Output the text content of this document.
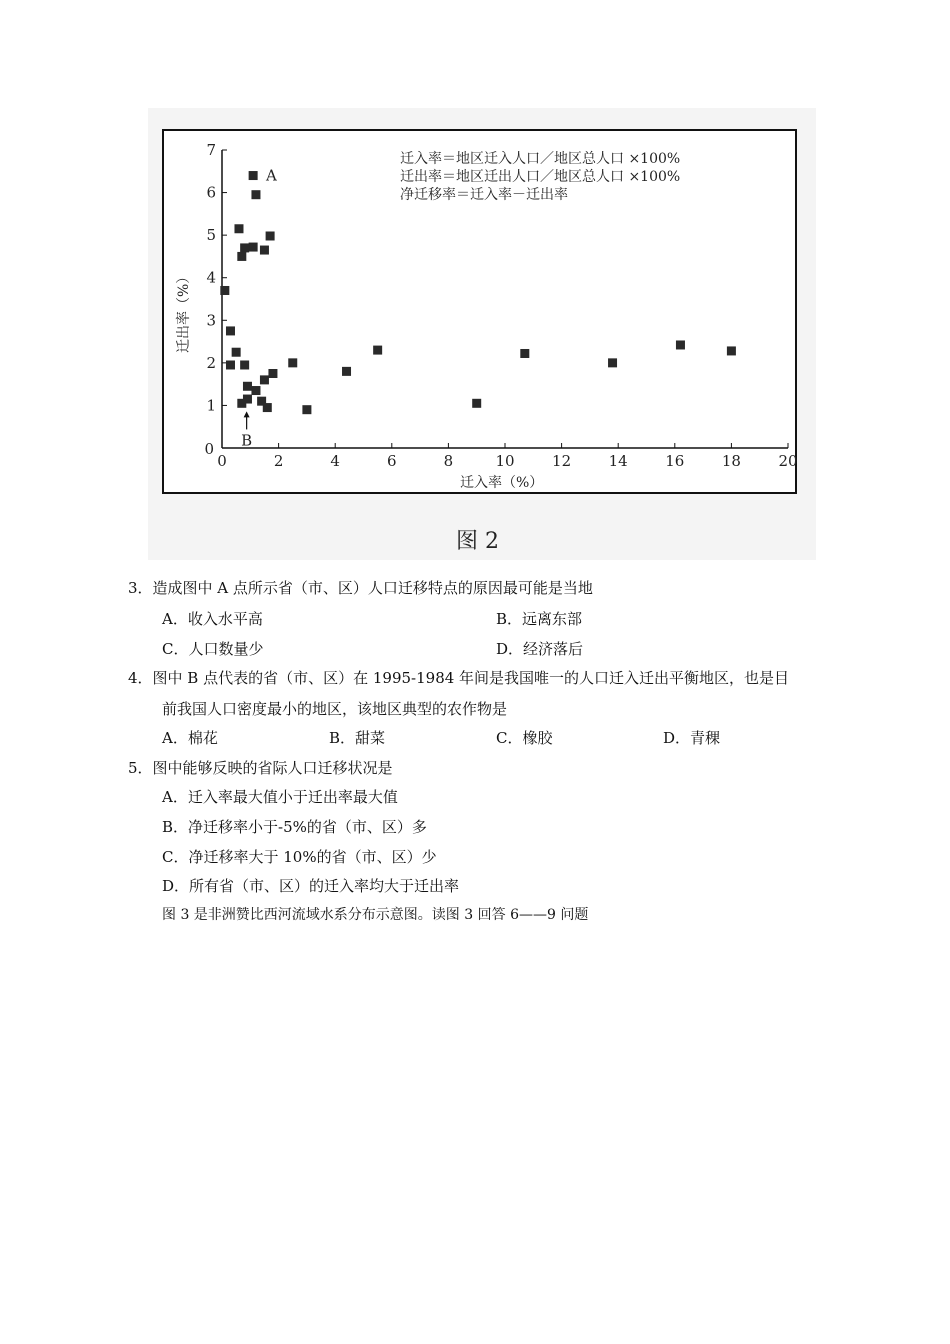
0	2	4	6	8	10	12	14	16	18	20
0
1
2
3
4
5
6
7
A
B
迁入率＝地区迁入人口／地区总人口 ×100%
迁出率＝地区迁出人口／地区总人口 ×100%
净迁移率＝迁入率－迁出率
迁入率（%）
迁出率（%）
图 2
3．造成图中 A 点所示省（市、区）人口迁移特点的原因最可能是当地
A．收入水平高	B．远离东部
C．人口数量少	D．经济落后
4．图中 B 点代表的省（市、区）在 1995-1984 年间是我国唯一的人口迁入迁出平衡地区，也是目
前我国人口密度最小的地区，该地区典型的农作物是
A．棉花	B．甜菜	C．橡胶	D．青稞
5．图中能够反映的省际人口迁移状况是
A．迁入率最大值小于迁出率最大值
B．净迁移率小于-5%的省（市、区）多
C．净迁移率大于 10%的省（市、区）少
D．所有省（市、区）的迁入率均大于迁出率
图 3 是非洲赞比西河流域水系分布示意图。读图 3 回答 6——9 问题
